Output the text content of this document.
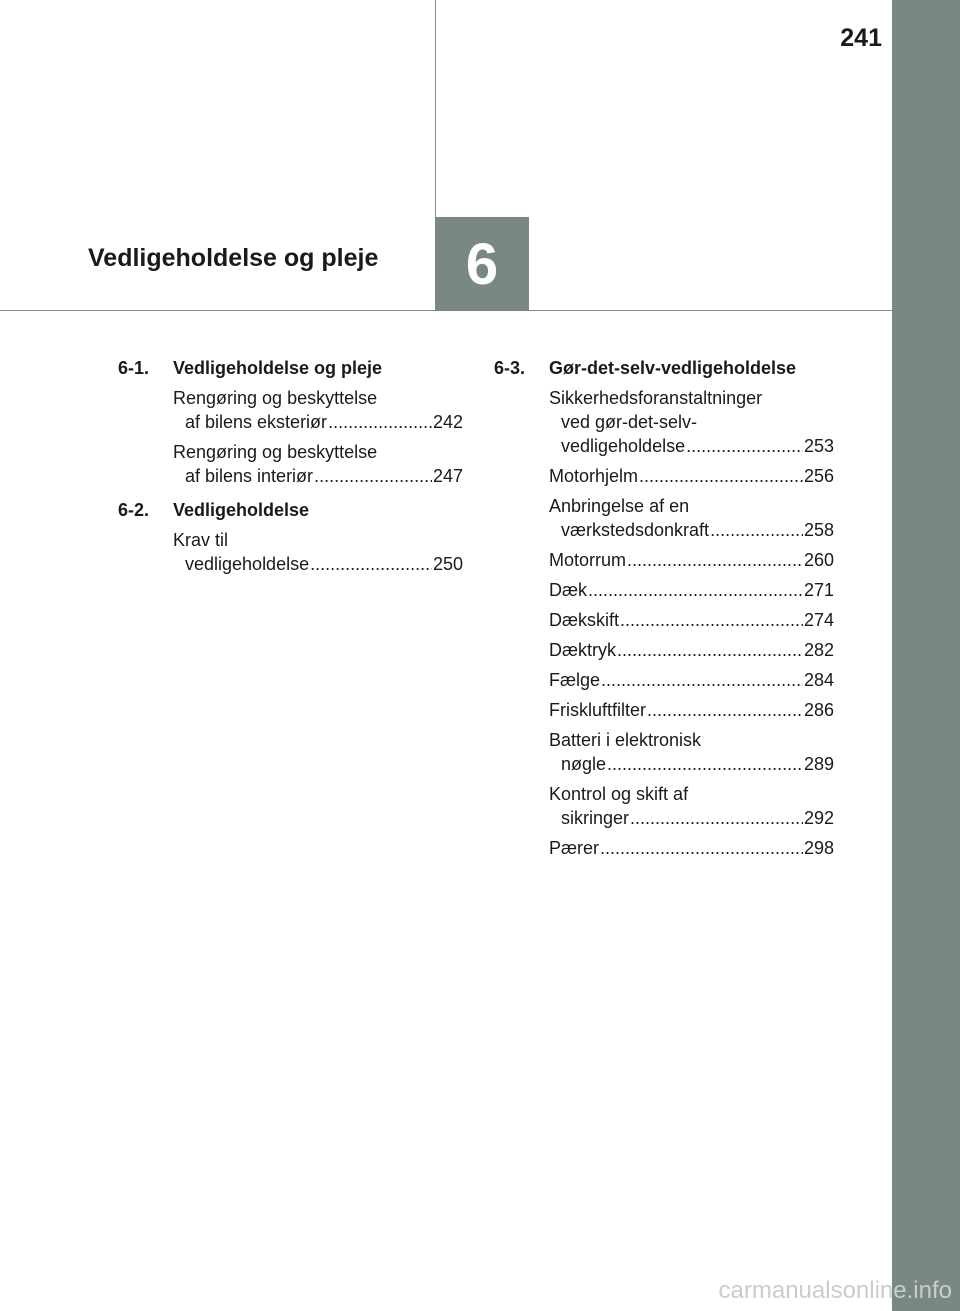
241
Vedligeholdelse og pleje 6
6-1.	Vedligeholdelse og pleje
Rengøring og beskyttelse
af bilens eksteriør .....	242
Rengøring og beskyttelse
af bilens interiør .....	247
6-2.	Vedligeholdelse
Krav til
vedligeholdelse .....	250
6-3.	Gør-det-selv-vedligeholdelse
Sikkerhedsforanstaltninger
ved gør-det-selv-
vedligeholdelse .....	253
Motorhjelm .....	256
Anbringelse af en
værkstedsdonkraft .....	258
Motorrum .....	260
Dæk .....	271
Dækskift .....	274
Dæktryk .....	282
Fælge .....	284
Friskluftfilter .....	286
Batteri i elektronisk
nøgle .....	289
Kontrol og skift af
sikringer .....	292
Pærer .....	298
carmanualsonline.info
